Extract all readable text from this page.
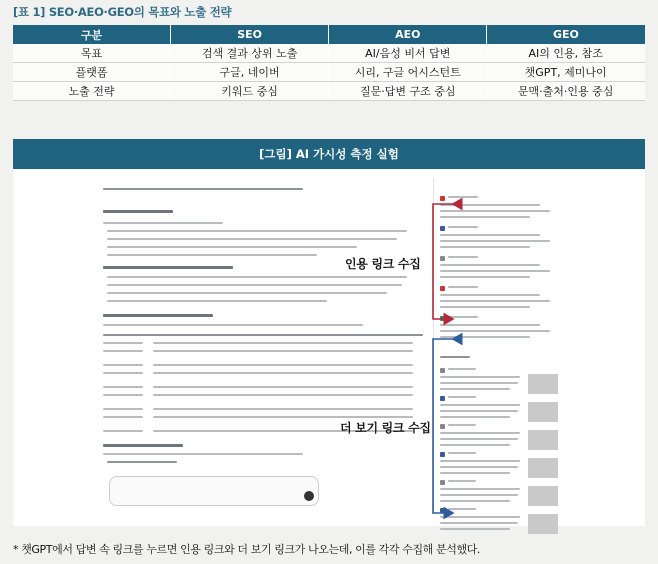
[표 1] SEO·AEO·GEO의 목표와 노출 전략
구분	SEO	AEO	GEO
목표	검색 결과 상위 노출	AI/음성 비서 답변	AI의 인용, 참조
플랫폼	구글, 네이버	시리, 구글 어시스턴트	챗GPT, 제미나이
노출 전략	키워드 중심	질문·답변 구조 중심	문맥·출처·인용 중심
[그림] AI 가시성 측정 실험
인용 링크 수집
더 보기 링크 수집
* 챗GPT에서 답변 속 링크를 누르면 인용 링크와 더 보기 링크가 나오는데, 이를 각각 수집해 분석했다.
